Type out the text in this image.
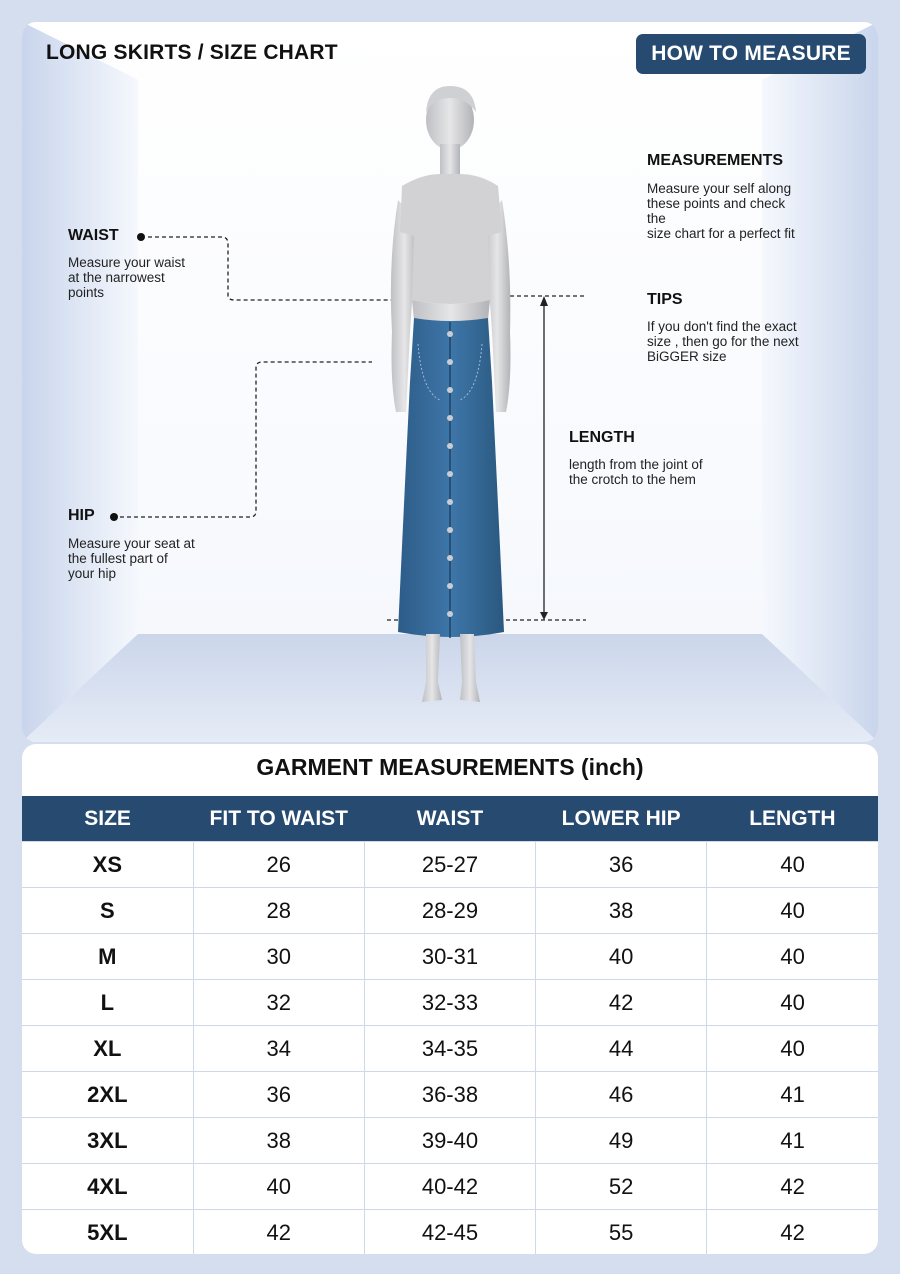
LONG SKIRTS / SIZE CHART	HOW TO MEASURE
MEASUREMENTS
Measure your self along
these points and check
the
size chart for a perfect fit
TIPS
If you don't find the exact
size , then go for the next
BiGGER size
LENGTH
length from the joint of
the crotch to the hem
WAIST
Measure your waist
at the narrowest
points
HIP
Measure your seat at
the fullest part of
your hip
GARMENT MEASUREMENTS (inch)
SIZE	FIT TO WAIST	WAIST	LOWER HIP	LENGTH
XS	26	25-27	36	40
S	28	28-29	38	40
M	30	30-31	40	40
L	32	32-33	42	40
XL	34	34-35	44	40
2XL	36	36-38	46	41
3XL	38	39-40	49	41
4XL	40	40-42	52	42
5XL	42	42-45	55	42
